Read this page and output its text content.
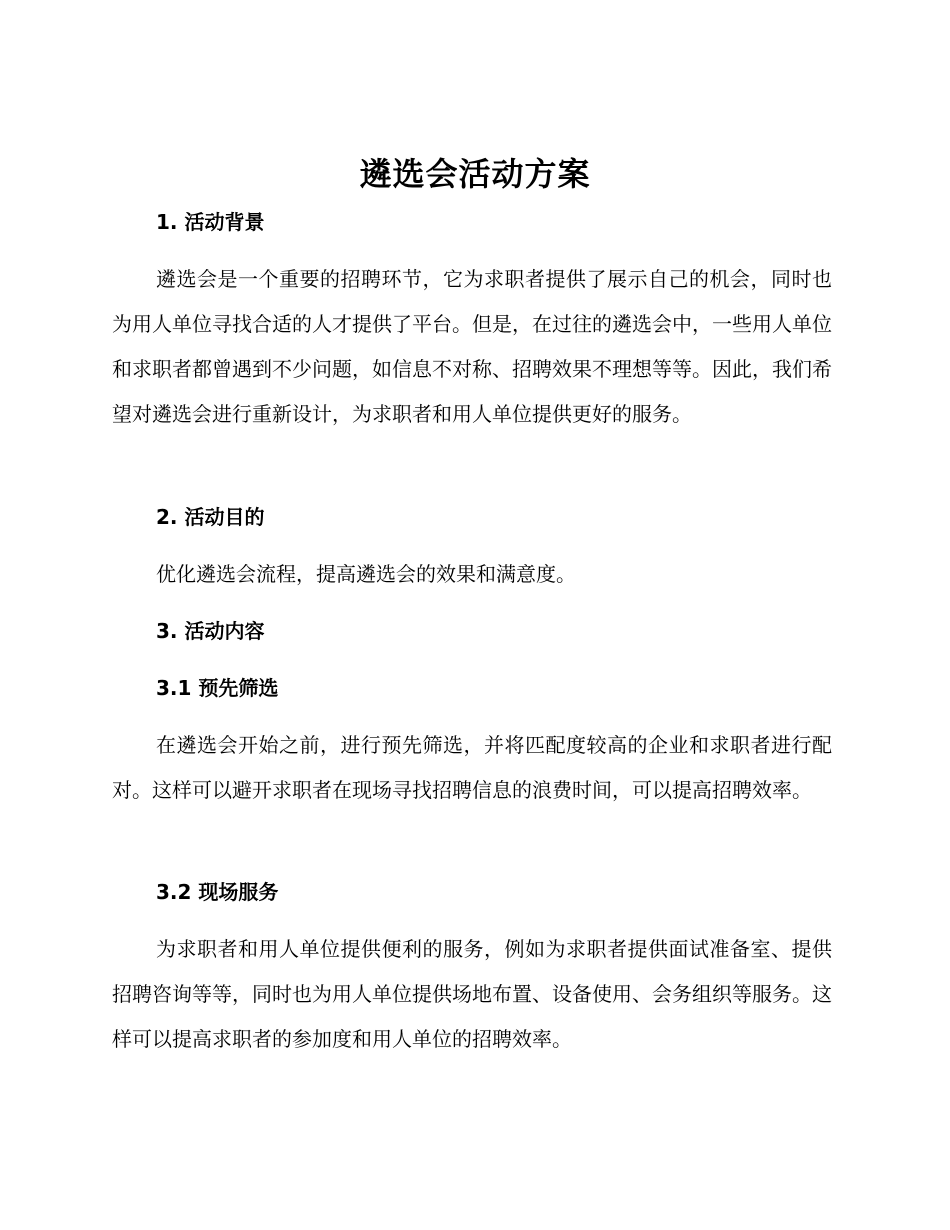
遴选会活动方案
1. 活动背景
遴选会是一个重要的招聘环节，它为求职者提供了展示自己的机会，同时也为用人单位寻找合适的人才提供了平台。但是，在过往的遴选会中，一些用人单位和求职者都曾遇到不少问题，如信息不对称、招聘效果不理想等等。因此，我们希望对遴选会进行重新设计，为求职者和用人单位提供更好的服务。
2. 活动目的
优化遴选会流程，提高遴选会的效果和满意度。
3. 活动内容
3.1 预先筛选
在遴选会开始之前，进行预先筛选，并将匹配度较高的企业和求职者进行配对。这样可以避开求职者在现场寻找招聘信息的浪费时间，可以提高招聘效率。
3.2 现场服务
为求职者和用人单位提供便利的服务，例如为求职者提供面试准备室、提供招聘咨询等等，同时也为用人单位提供场地布置、设备使用、会务组织等服务。这样可以提高求职者的参加度和用人单位的招聘效率。
